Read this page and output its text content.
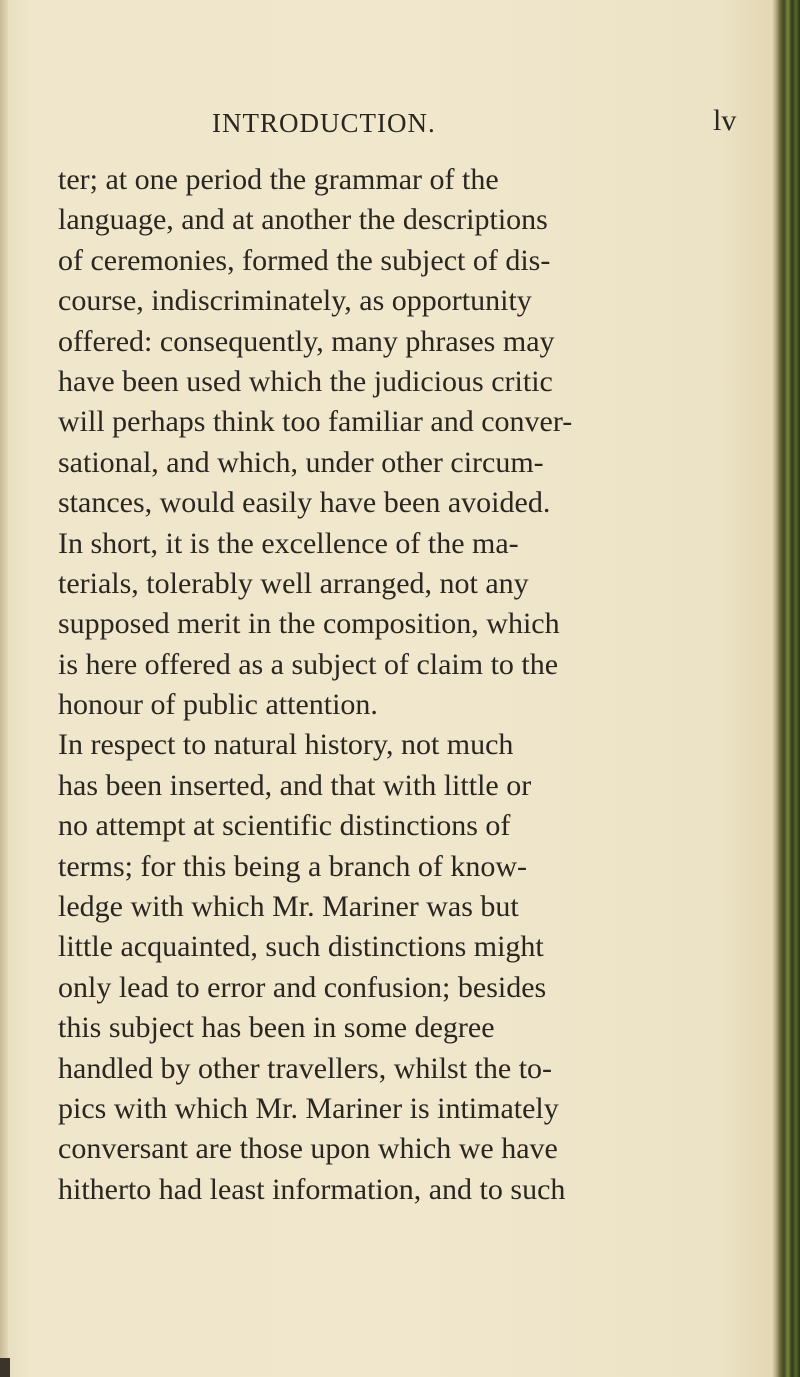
INTRODUCTION.	lv
ter; at one period the grammar of the
language, and at another the descriptions
of ceremonies, formed the subject of dis-
course, indiscriminately, as opportunity
offered: consequently, many phrases may
have been used which the judicious critic
will perhaps think too familiar and conver-
sational, and which, under other circum-
stances, would easily have been avoided.
In short, it is the excellence of the ma-
terials, tolerably well arranged, not any
supposed merit in the composition, which
is here offered as a subject of claim to the
honour of public attention.
In respect to natural history, not much
has been inserted, and that with little or
no attempt at scientific distinctions of
terms; for this being a branch of know-
ledge with which Mr. Mariner was but
little acquainted, such distinctions might
only lead to error and confusion; besides
this subject has been in some degree
handled by other travellers, whilst the to-
pics with which Mr. Mariner is intimately
conversant are those upon which we have
hitherto had least information, and to such
